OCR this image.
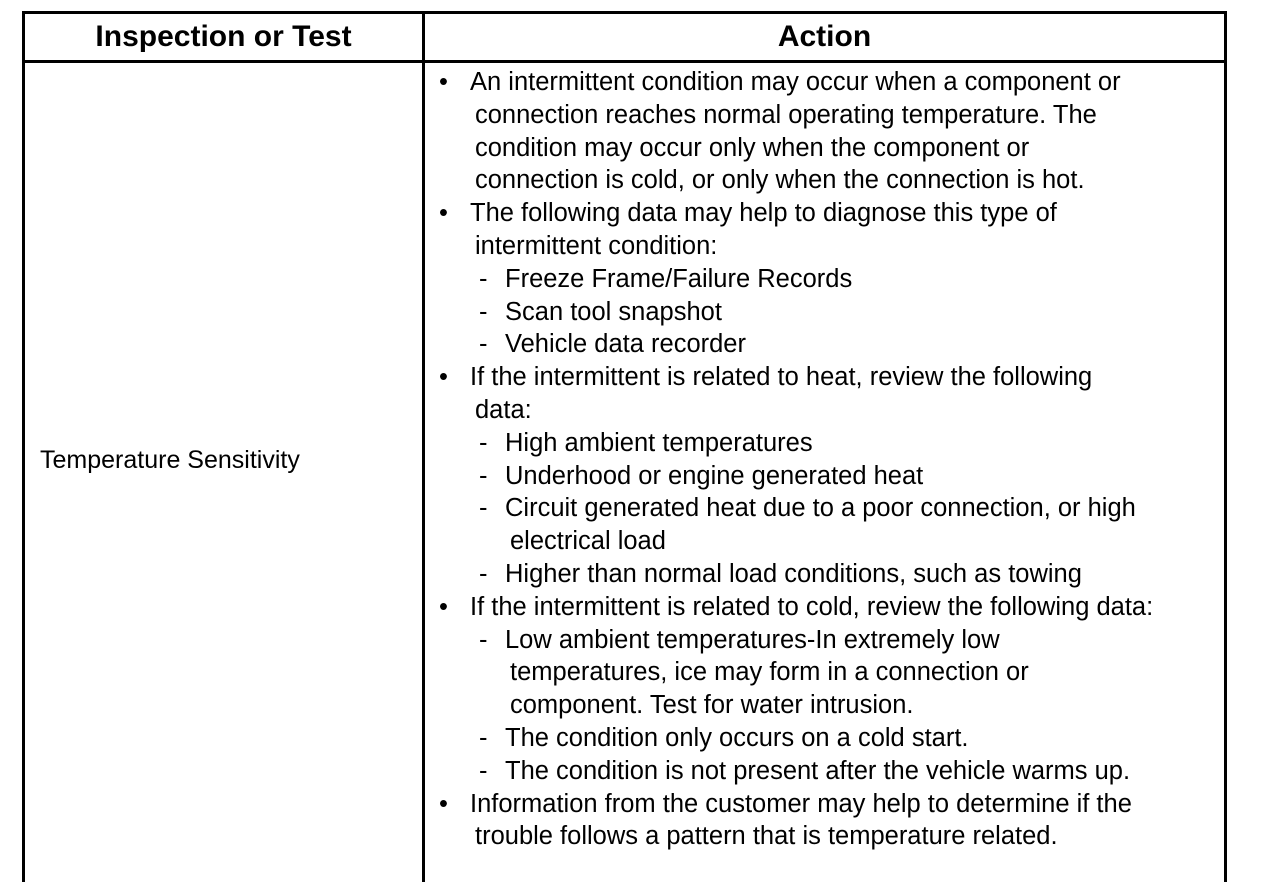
Inspection or Test	Action
Temperature Sensitivity
• An intermittent condition may occur when a component or
connection reaches normal operating temperature. The
condition may occur only when the component or
connection is cold, or only when the connection is hot.
• The following data may help to diagnose this type of
intermittent condition:
- Freeze Frame/Failure Records
- Scan tool snapshot
- Vehicle data recorder
• If the intermittent is related to heat, review the following
data:
- High ambient temperatures
- Underhood or engine generated heat
- Circuit generated heat due to a poor connection, or high
electrical load
- Higher than normal load conditions, such as towing
• If the intermittent is related to cold, review the following data:
- Low ambient temperatures-In extremely low
temperatures, ice may form in a connection or
component. Test for water intrusion.
- The condition only occurs on a cold start.
- The condition is not present after the vehicle warms up.
• Information from the customer may help to determine if the
trouble follows a pattern that is temperature related.
